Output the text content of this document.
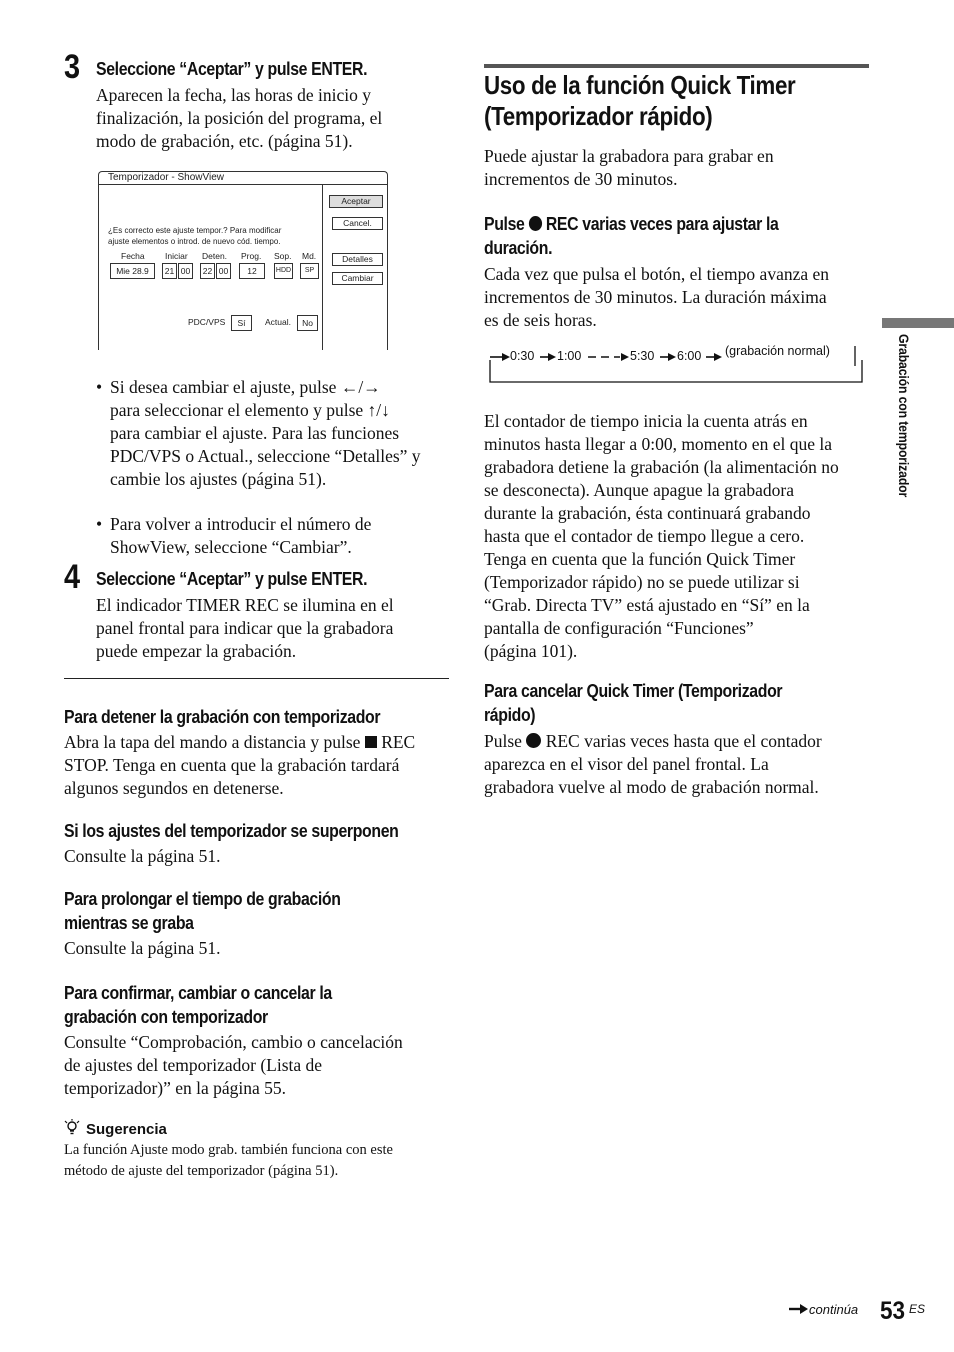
3 Seleccione “Aceptar” y pulse ENTER.
Aparecen la fecha, las horas de inicio y
finalización, la posición del programa, el
modo de grabación, etc. (página 51).
Temporizador - ShowView
¿Es correcto este ajuste tempor.? Para modificar
ajuste elementos o introd. de nuevo cód. tiempo.
Fecha Iniciar Deten. Prog. Sop. Md.
Mie 28.9	21 00	22 00	12	HDD	SP
PDC/VPS	Sí	Actual.	No
Aceptar
Cancel.
Detalles
Cambiar
• Si desea cambiar el ajuste, pulse ←/→
para seleccionar el elemento y pulse ↑/↓
para cambiar el ajuste. Para las funciones
PDC/VPS o Actual., seleccione “Detalles” y
cambie los ajustes (página 51).
• Para volver a introducir el número de
ShowView, seleccione “Cambiar”.
4 Seleccione “Aceptar” y pulse ENTER.
El indicador TIMER REC se ilumina en el
panel frontal para indicar que la grabadora
puede empezar la grabación.
Para detener la grabación con temporizador
Abra la tapa del mando a distancia y pulse REC
STOP. Tenga en cuenta que la grabación tardará
algunos segundos en detenerse.
Si los ajustes del temporizador se superponen
Consulte la página 51.
Para prolongar el tiempo de grabación
mientras se graba
Consulte la página 51.
Para confirmar, cambiar o cancelar la
grabación con temporizador
Consulte “Comprobación, cambio o cancelación
de ajustes del temporizador (Lista de
temporizador)” en la página 55.
Sugerencia
La función Ajuste modo grab. también funciona con este
método de ajuste del temporizador (página 51).
Uso de la función Quick Timer
(Temporizador rápido)
Puede ajustar la grabadora para grabar en
incrementos de 30 minutos.
Pulse REC varias veces para ajustar la
duración.
Cada vez que pulsa el botón, el tiempo avanza en
incrementos de 30 minutos. La duración máxima
es de seis horas.
0:30 1:00	5:30 6:00 (grabación normal)
El contador de tiempo inicia la cuenta atrás en
minutos hasta llegar a 0:00, momento en el que la
grabadora detiene la grabación (la alimentación no
se desconecta). Aunque apague la grabadora
durante la grabación, ésta continuará grabando
hasta que el contador de tiempo llegue a cero.
Tenga en cuenta que la función Quick Timer
(Temporizador rápido) no se puede utilizar si
“Grab. Directa TV” está ajustado en “Sí” en la
pantalla de configuración “Funciones”
(página 101).
Para cancelar Quick Timer (Temporizador
rápido)
Pulse REC varias veces hasta que el contador
aparezca en el visor del panel frontal. La
grabadora vuelve al modo de grabación normal.
Grabación con temporizador
continúa 53 ES
